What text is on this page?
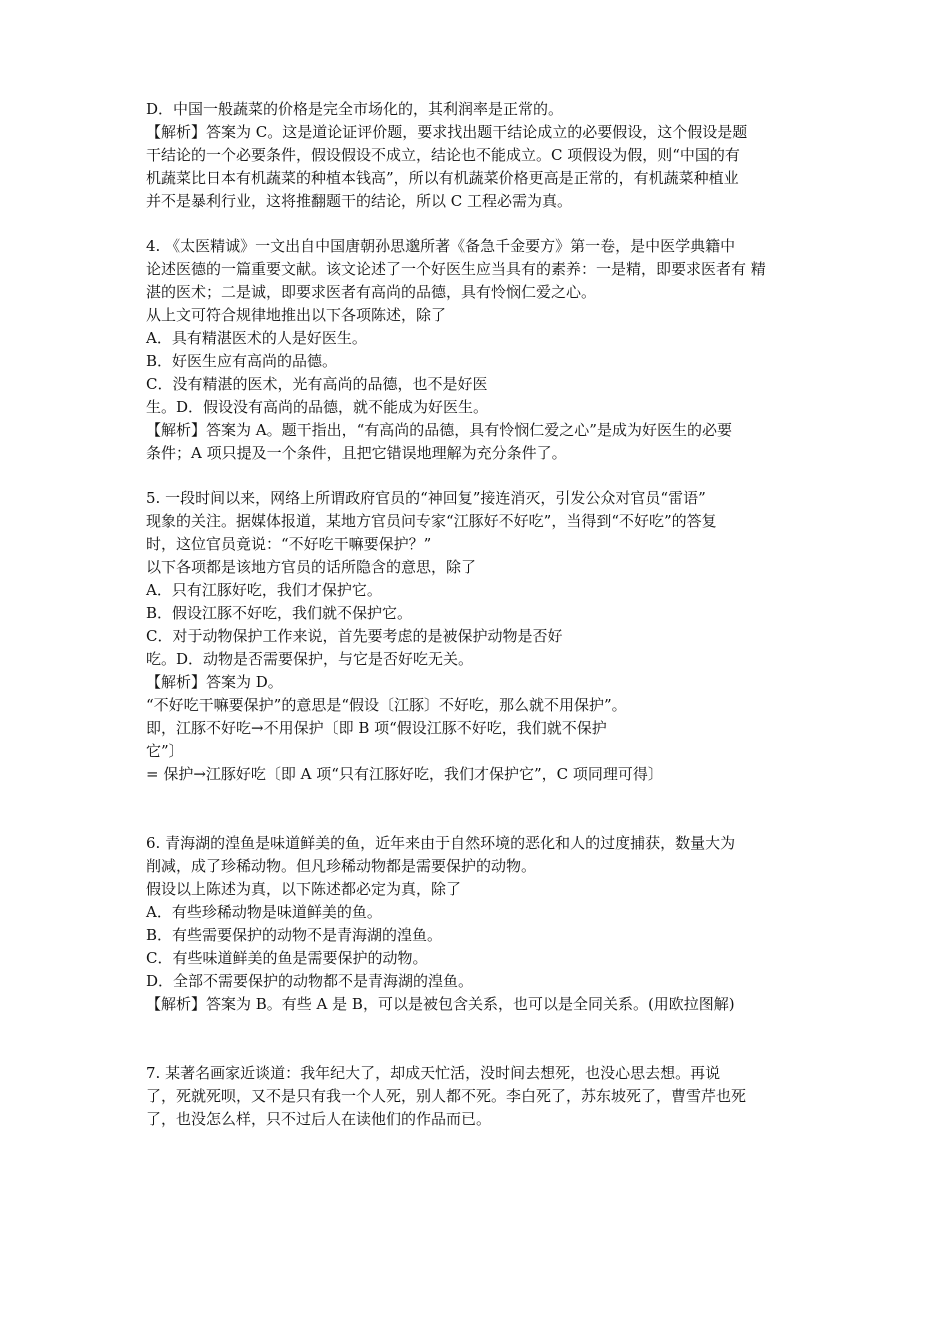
D．中国一般蔬菜的价格是完全市场化的，其利润率是正常的。

【解析】答案为 C。这是道论证评价题，要求找出题干结论成立的必要假设，这个假设是题

干结论的一个必要条件，假设假设不成立，结论也不能成立。C 项假设为假，则“中国的有

机蔬菜比日本有机蔬菜的种植本钱高”，所以有机蔬菜价格更高是正常的，有机蔬菜种植业

并不是暴利行业，这将推翻题干的结论，所以 C 工程必需为真。

4. 《太医精诚》一文出自中国唐朝孙思邈所著《备急千金要方》第一卷，是中医学典籍中

论述医德的一篇重要文献。该文论述了一个好医生应当具有的素养：一是精，即要求医者有 精

湛的医术；二是诚，即要求医者有高尚的品德，具有怜悯仁爱之心。

从上文可符合规律地推出以下各项陈述，除了

A．具有精湛医术的人是好医生。

B．好医生应有高尚的品德。

C．没有精湛的医术，光有高尚的品德，也不是好医

生。D．假设没有高尚的品德，就不能成为好医生。

【解析】答案为 A。题干指出，“有高尚的品德，具有怜悯仁爱之心”是成为好医生的必要

条件；A 项只提及一个条件，且把它错误地理解为充分条件了。

5. 一段时间以来，网络上所谓政府官员的“神回复”接连消灭，引发公众对官员“雷语”

现象的关注。据媒体报道，某地方官员问专家“江豚好不好吃”，当得到“不好吃”的答复

时，这位官员竟说：“不好吃干嘛要保护？”

以下各项都是该地方官员的话所隐含的意思，除了

A．只有江豚好吃，我们才保护它。

B．假设江豚不好吃，我们就不保护它。

C．对于动物保护工作来说，首先要考虑的是被保护动物是否好

吃。D．动物是否需要保护，与它是否好吃无关。

【解析】答案为 D。

“不好吃干嘛要保护”的意思是“假设〔江豚〕不好吃，那么就不用保护”。

即，江豚不好吃→不用保护〔即 B 项“假设江豚不好吃，我们就不保护

它”〕

= 保护→江豚好吃〔即 A 项“只有江豚好吃，我们才保护它”，C 项同理可得〕

6. 青海湖的湟鱼是味道鲜美的鱼，近年来由于自然环境的恶化和人的过度捕获，数量大为

削减，成了珍稀动物。但凡珍稀动物都是需要保护的动物。

假设以上陈述为真，以下陈述都必定为真，除了

A．有些珍稀动物是味道鲜美的鱼。

B．有些需要保护的动物不是青海湖的湟鱼。

C．有些味道鲜美的鱼是需要保护的动物。

D．全部不需要保护的动物都不是青海湖的湟鱼。

【解析】答案为 B。有些 A 是 B，可以是被包含关系，也可以是全同关系。(用欧拉图解)

7. 某著名画家近谈道：我年纪大了，却成天忙活，没时间去想死，也没心思去想。再说

了，死就死呗，又不是只有我一个人死，别人都不死。李白死了，苏东坡死了，曹雪芹也死

了，也没怎么样，只不过后人在读他们的作品而已。
